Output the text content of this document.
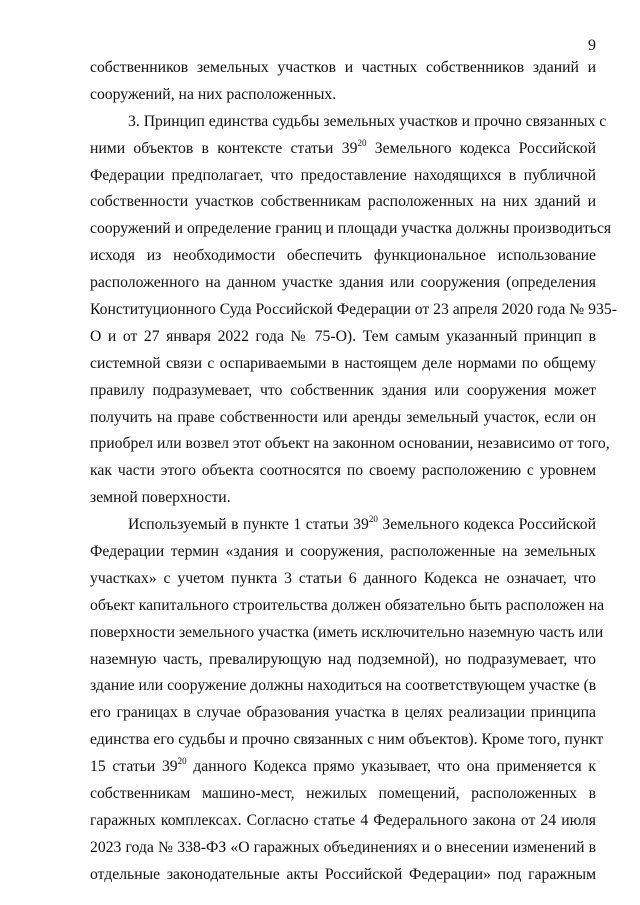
9
собственников земельных участков и частных собственников зданий и
сооружений, на них расположенных.
3. Принцип единства судьбы земельных участков и прочно связанных с
ними объектов в контексте статьи $39^{20}$ Земельного кодекса Российской
Федерации предполагает, что предоставление находящихся в публичной
собственности участков собственникам расположенных на них зданий и
сооружений и определение границ и площади участка должны производиться
исходя из необходимости обеспечить функциональное использование
расположенного на данном участке здания или сооружения (определения
Конституционного Суда Российской Федерации от 23 апреля 2020 года № 935-
О и от 27 января 2022 года № 75-О). Тем самым указанный принцип в
системной связи с оспариваемыми в настоящем деле нормами по общему
правилу подразумевает, что собственник здания или сооружения может
получить на праве собственности или аренды земельный участок, если он
приобрел или возвел этот объект на законном основании, независимо от того,
как части этого объекта соотносятся по своему расположению с уровнем
земной поверхности.
Используемый в пункте 1 статьи $39^{20}$ Земельного кодекса Российской
Федерации термин «здания и сооружения, расположенные на земельных
участках» с учетом пункта 3 статьи 6 данного Кодекса не означает, что
объект капитального строительства должен обязательно быть расположен на
поверхности земельного участка (иметь исключительно наземную часть или
наземную часть, превалирующую над подземной), но подразумевает, что
здание или сооружение должны находиться на соответствующем участке (в
его границах в случае образования участка в целях реализации принципа
единства его судьбы и прочно связанных с ним объектов). Кроме того, пункт
15 статьи $39^{20}$ данного Кодекса прямо указывает, что она применяется к
собственникам машино-мест, нежилых помещений, расположенных в
гаражных комплексах. Согласно статье 4 Федерального закона от 24 июля
2023 года № 338-ФЗ «О гаражных объединениях и о внесении изменений в
отдельные законодательные акты Российской Федерации» под гаражным
